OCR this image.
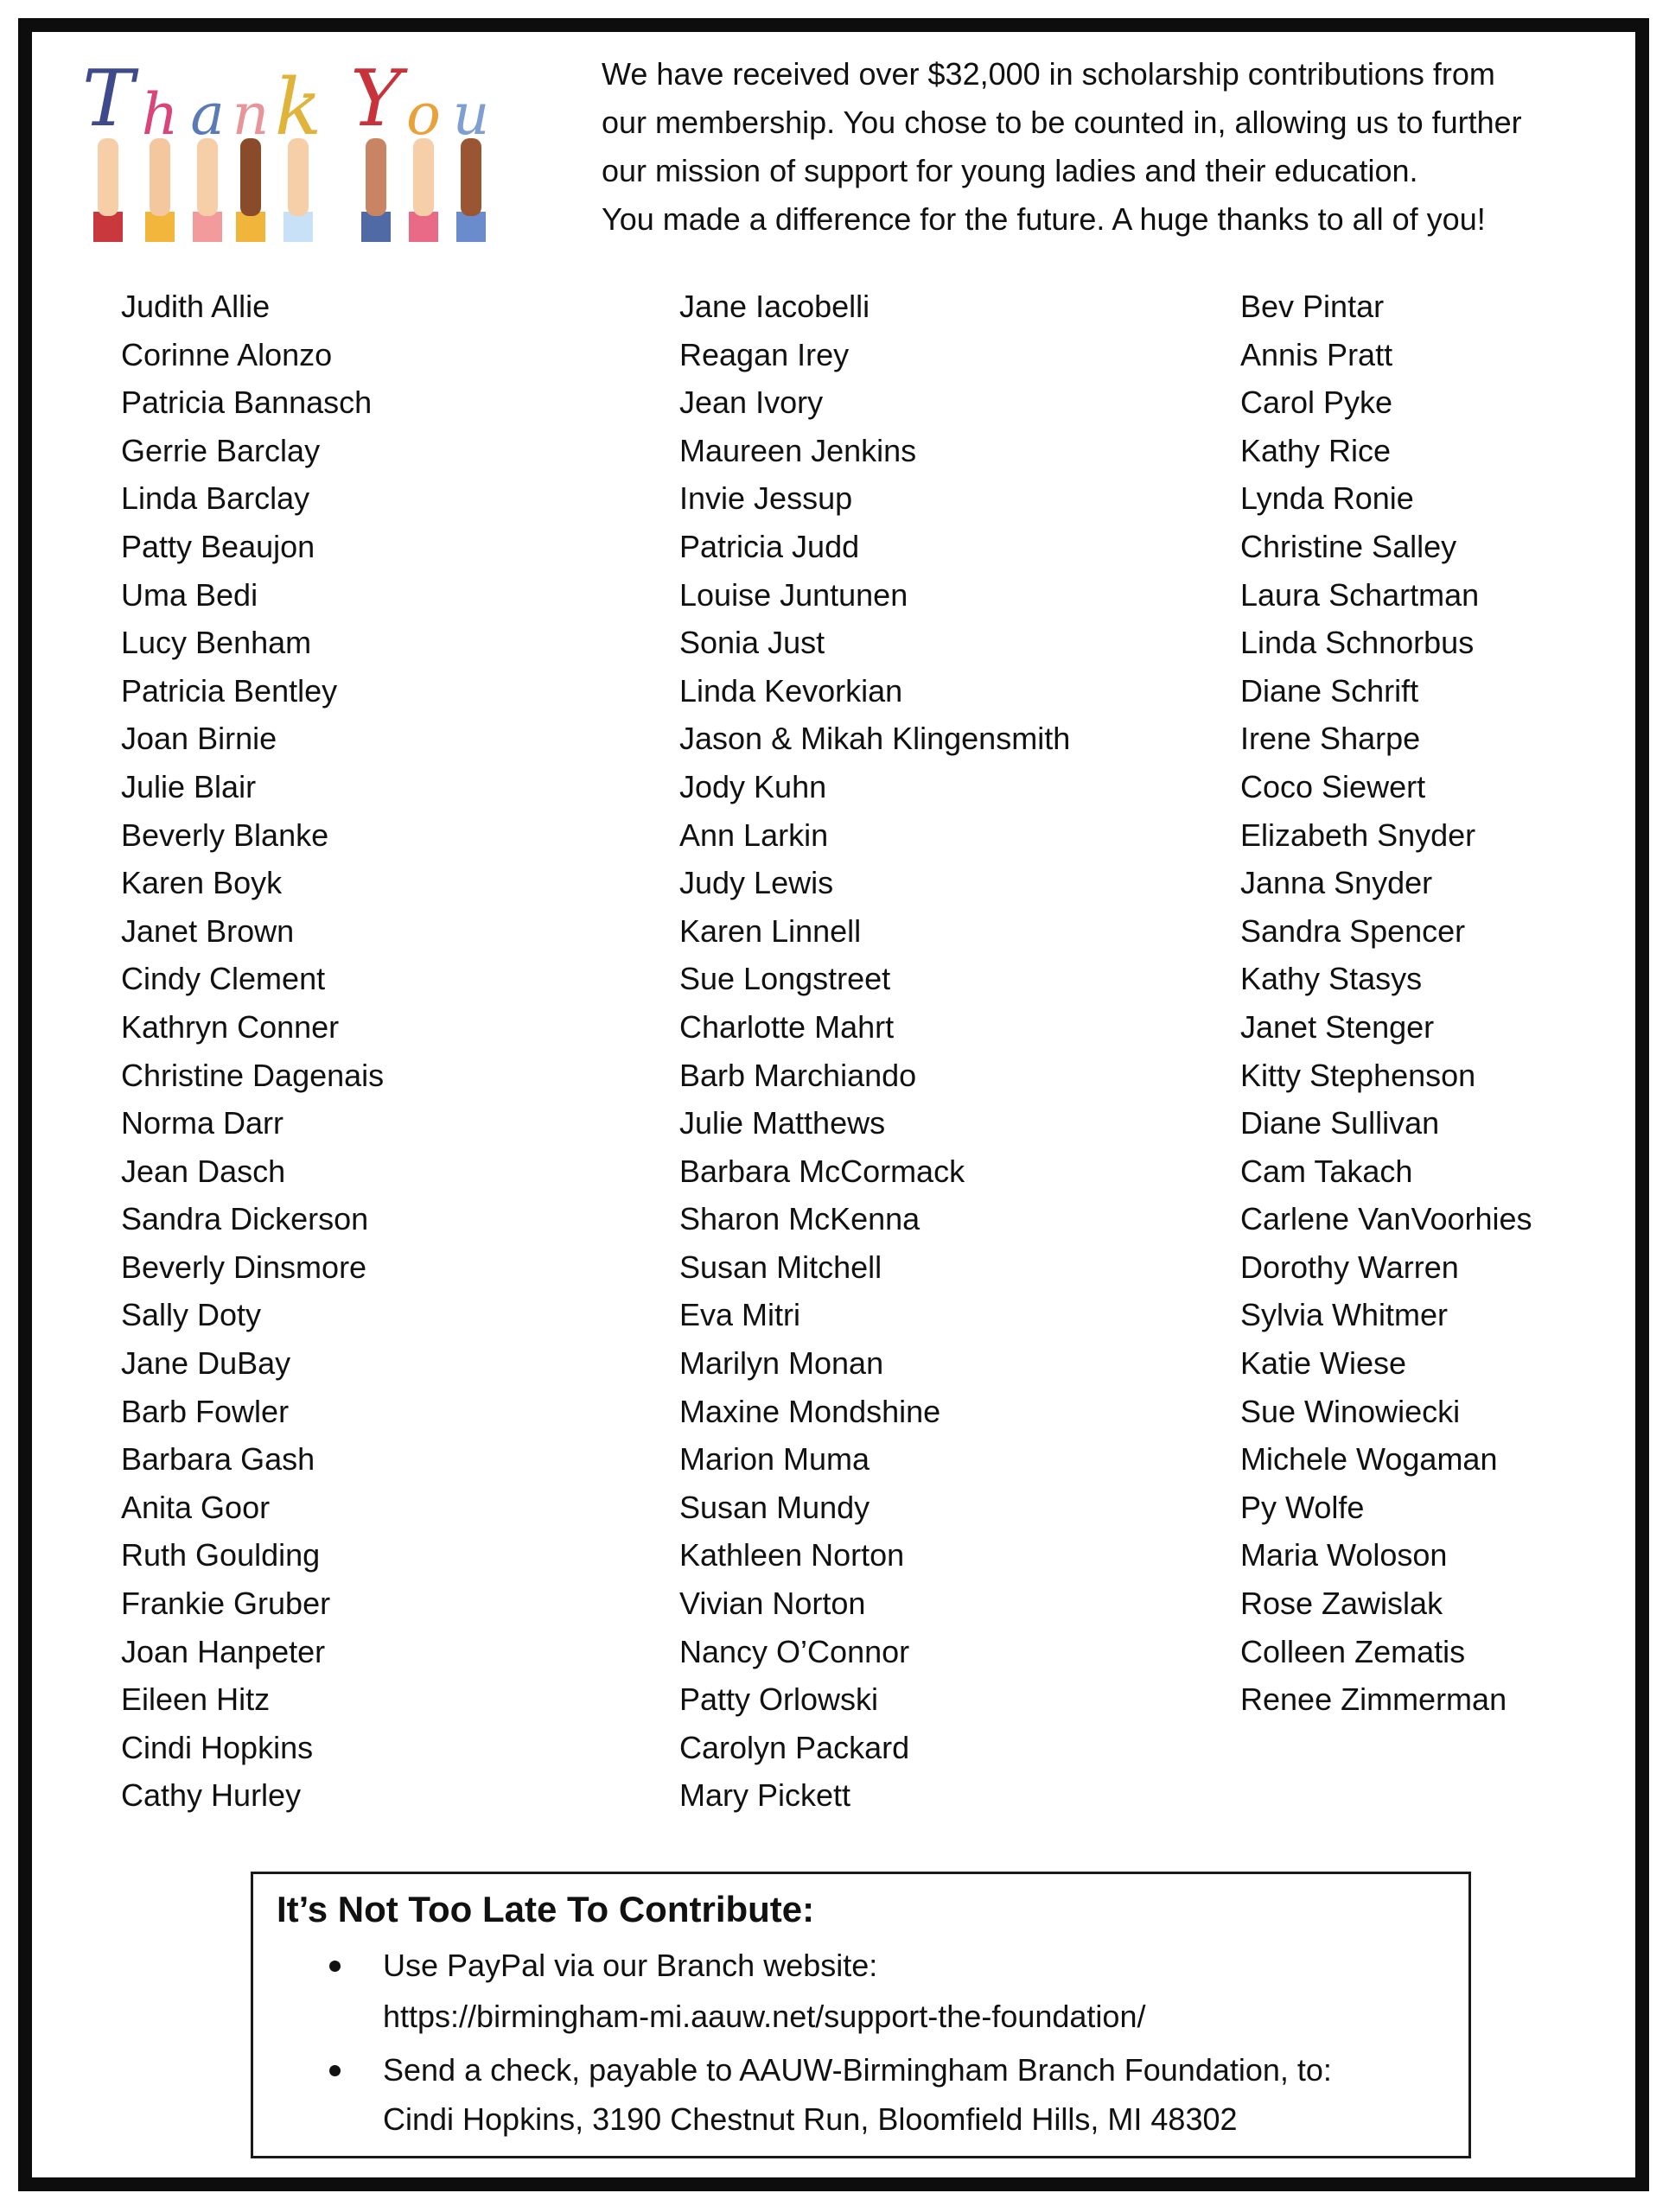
T h a n k Y o u
We have received over $32,000 in scholarship contributions from
our membership. You chose to be counted in, allowing us to further
our mission of support for young ladies and their education.
You made a difference for the future. A huge thanks to all of you!
Judith Allie
Corinne Alonzo
Patricia Bannasch
Gerrie Barclay
Linda Barclay
Patty Beaujon
Uma Bedi
Lucy Benham
Patricia Bentley
Joan Birnie
Julie Blair
Beverly Blanke
Karen Boyk
Janet Brown
Cindy Clement
Kathryn Conner
Christine Dagenais
Norma Darr
Jean Dasch
Sandra Dickerson
Beverly Dinsmore
Sally Doty
Jane DuBay
Barb Fowler
Barbara Gash
Anita Goor
Ruth Goulding
Frankie Gruber
Joan Hanpeter
Eileen Hitz
Cindi Hopkins
Cathy Hurley
Jane Iacobelli
Reagan Irey
Jean Ivory
Maureen Jenkins
Invie Jessup
Patricia Judd
Louise Juntunen
Sonia Just
Linda Kevorkian
Jason & Mikah Klingensmith
Jody Kuhn
Ann Larkin
Judy Lewis
Karen Linnell
Sue Longstreet
Charlotte Mahrt
Barb Marchiando
Julie Matthews
Barbara McCormack
Sharon McKenna
Susan Mitchell
Eva Mitri
Marilyn Monan
Maxine Mondshine
Marion Muma
Susan Mundy
Kathleen Norton
Vivian Norton
Nancy O’Connor
Patty Orlowski
Carolyn Packard
Mary Pickett
Bev Pintar
Annis Pratt
Carol Pyke
Kathy Rice
Lynda Ronie
Christine Salley
Laura Schartman
Linda Schnorbus
Diane Schrift
Irene Sharpe
Coco Siewert
Elizabeth Snyder
Janna Snyder
Sandra Spencer
Kathy Stasys
Janet Stenger
Kitty Stephenson
Diane Sullivan
Cam Takach
Carlene VanVoorhies
Dorothy Warren
Sylvia Whitmer
Katie Wiese
Sue Winowiecki
Michele Wogaman
Py Wolfe
Maria Woloson
Rose Zawislak
Colleen Zematis
Renee Zimmerman
It’s Not Too Late To Contribute:
Use PayPal via our Branch website:
https://birmingham-mi.aauw.net/support-the-foundation/
Send a check, payable to AAUW-Birmingham Branch Foundation, to:
Cindi Hopkins, 3190 Chestnut Run, Bloomfield Hills, MI 48302
